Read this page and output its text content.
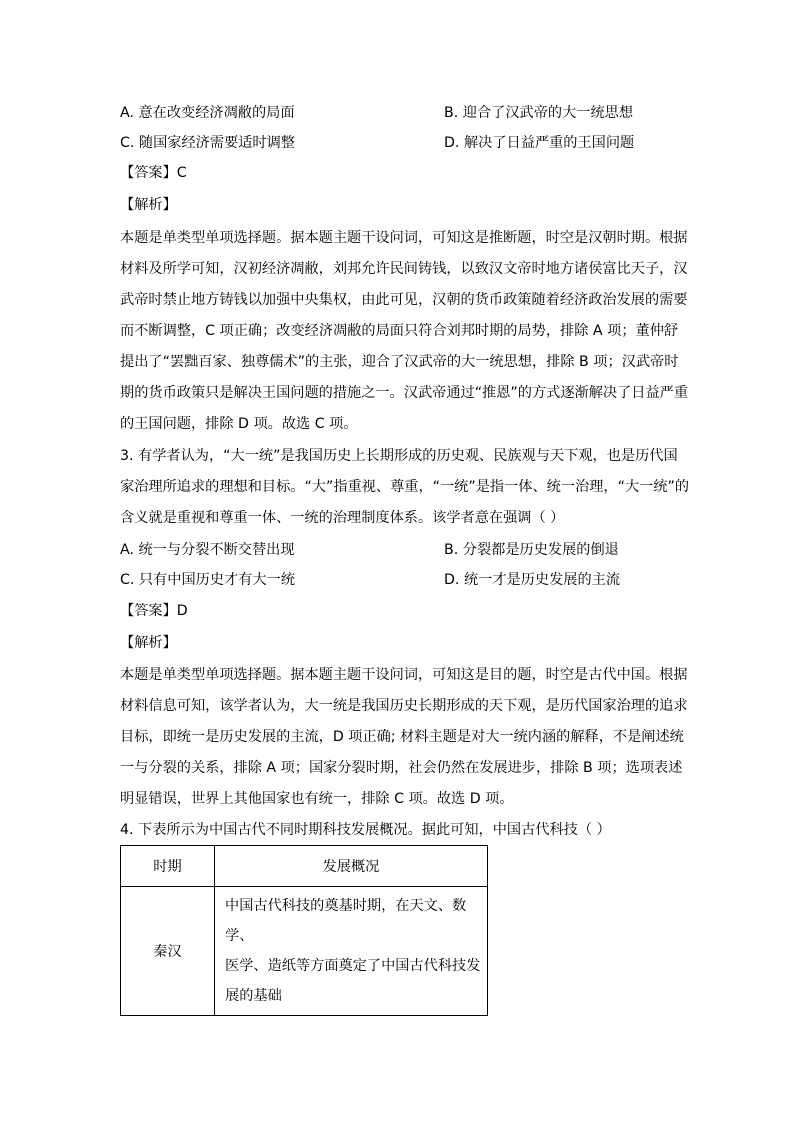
A. 意在改变经济凋敝的局面	B. 迎合了汉武帝的大一统思想
C. 随国家经济需要适时调整	D. 解决了日益严重的王国问题
【答案】C
【解析】
本题是单类型单项选择题。据本题主题干设问词，可知这是推断题，时空是汉朝时期。根据
材料及所学可知，汉初经济凋敝，刘邦允许民间铸钱，以致汉文帝时地方诸侯富比天子，汉
武帝时禁止地方铸钱以加强中央集权，由此可见，汉朝的货币政策随着经济政治发展的需要
而不断调整，C 项正确；改变经济凋敝的局面只符合刘邦时期的局势，排除 A 项；董仲舒
提出了“罢黜百家、独尊儒术”的主张，迎合了汉武帝的大一统思想，排除 B 项；汉武帝时
期的货币政策只是解决王国问题的措施之一。汉武帝通过“推恩”的方式逐渐解决了日益严重
的王国问题，排除 D 项。故选 C 项。
3. 有学者认为，“大一统”是我国历史上长期形成的历史观、民族观与天下观，也是历代国
家治理所追求的理想和目标。“大”指重视、尊重，“一统”是指一体、统一治理，“大一统”的
含义就是重视和尊重一体、一统的治理制度体系。该学者意在强调（ ）
A. 统一与分裂不断交替出现	B. 分裂都是历史发展的倒退
C. 只有中国历史才有大一统	D. 统一才是历史发展的主流
【答案】D
【解析】
本题是单类型单项选择题。据本题主题干设问词，可知这是目的题，时空是古代中国。根据
材料信息可知，该学者认为，大一统是我国历史长期形成的天下观，是历代国家治理的追求
目标，即统一是历史发展的主流，D 项正确; 材料主题是对大一统内涵的解释，不是阐述统
一与分裂的关系，排除 A 项；国家分裂时期，社会仍然在发展进步，排除 B 项；选项表述
明显错误，世界上其他国家也有统一，排除 C 项。故选 D 项。
4. 下表所示为中国古代不同时期科技发展概况。据此可知，中国古代科技（ ）
时期	发展概况
秦汉	中国古代科技的奠基时期，在天文、数学、
医学、造纸等方面奠定了中国古代科技发
展的基础
